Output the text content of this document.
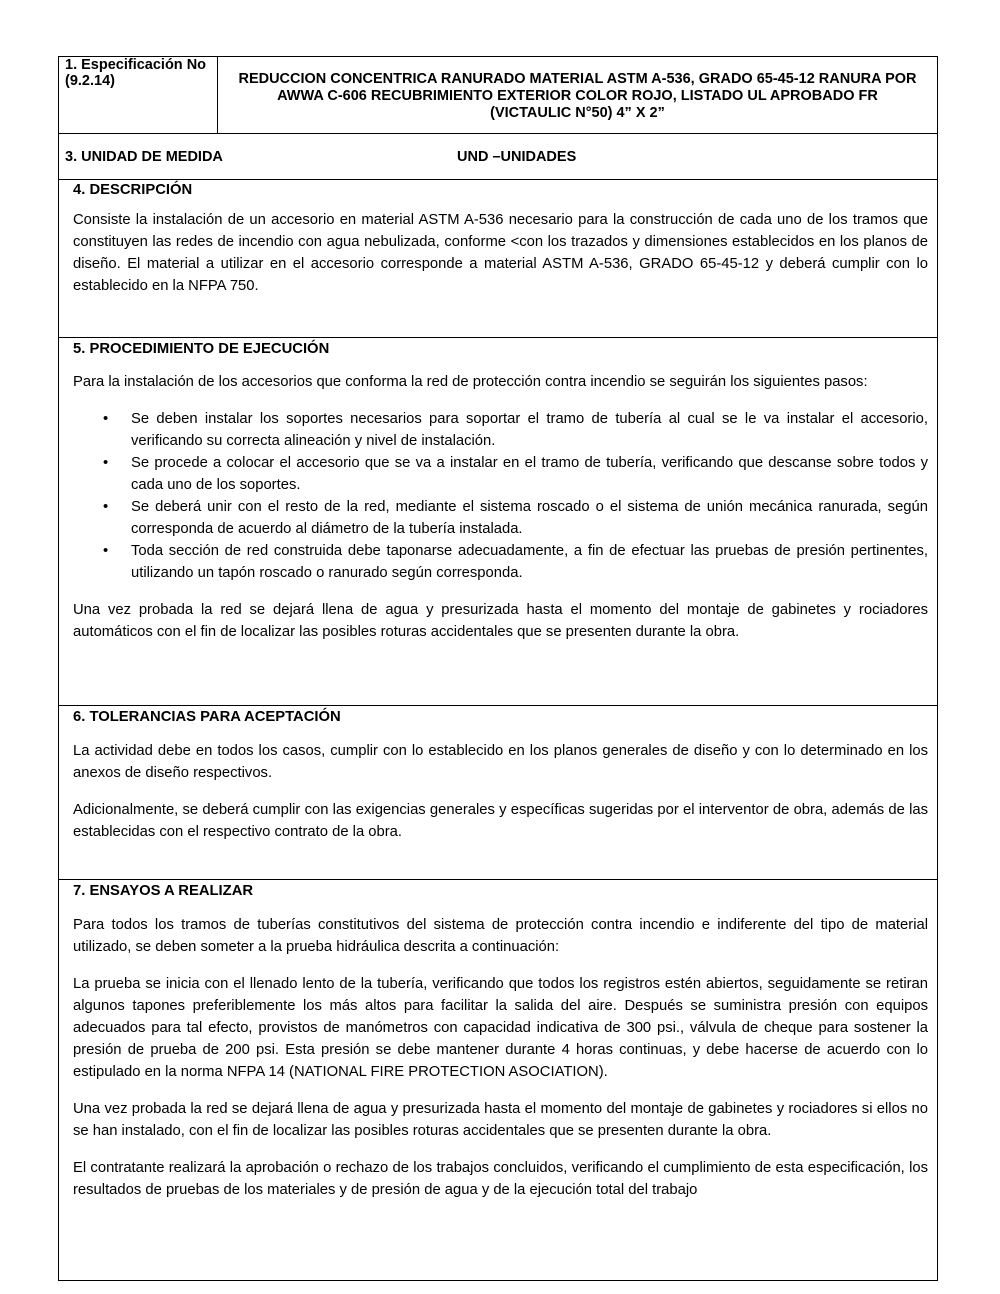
1. Especificación No (9.2.14)	REDUCCION CONCENTRICA RANURADO MATERIAL ASTM A-536, GRADO 65-45-12 RANURA POR AWWA C-606 RECUBRIMIENTO EXTERIOR COLOR ROJO, LISTADO UL APROBADO FR (VICTAULIC N°50) 4” X 2”
3. UNIDAD DE MEDIDA	UND –UNIDADES
4. DESCRIPCIÓN

Consiste la instalación de un accesorio en material ASTM A-536 necesario para la construcción de cada uno de los tramos que constituyen las redes de incendio con agua nebulizada, conforme <con los trazados y dimensiones establecidos en los planos de diseño. El material a utilizar en el accesorio corresponde a material ASTM A-536, GRADO 65-45-12 y deberá cumplir con lo establecido en la NFPA 750.

5. PROCEDIMIENTO DE EJECUCIÓN

Para la instalación de los accesorios que conforma la red de protección contra incendio se seguirán los siguientes pasos:

• Se deben instalar los soportes necesarios para soportar el tramo de tubería al cual se le va instalar el accesorio, verificando su correcta alineación y nivel de instalación.
• Se procede a colocar el accesorio que se va a instalar en el tramo de tubería, verificando que descanse sobre todos y cada uno de los soportes.
• Se deberá unir con el resto de la red, mediante el sistema roscado o el sistema de unión mecánica ranurada, según corresponda de acuerdo al diámetro de la tubería instalada.
• Toda sección de red construida debe taponarse adecuadamente, a fin de efectuar las pruebas de presión pertinentes, utilizando un tapón roscado o ranurado según corresponda.

Una vez probada la red se dejará llena de agua y presurizada hasta el momento del montaje de gabinetes y rociadores automáticos con el fin de localizar las posibles roturas accidentales que se presenten durante la obra.

6. TOLERANCIAS PARA ACEPTACIÓN

La actividad debe en todos los casos, cumplir con lo establecido en los planos generales de diseño y con lo determinado en los anexos de diseño respectivos.

Adicionalmente, se deberá cumplir con las exigencias generales y específicas sugeridas por el interventor de obra, además de las establecidas con el respectivo contrato de la obra.

7. ENSAYOS A REALIZAR

Para todos los tramos de tuberías constitutivos del sistema de protección contra incendio e indiferente del tipo de material utilizado, se deben someter a la prueba hidráulica descrita a continuación:

La prueba se inicia con el llenado lento de la tubería, verificando que todos los registros estén abiertos, seguidamente se retiran algunos tapones preferiblemente los más altos para facilitar la salida del aire. Después se suministra presión con equipos adecuados para tal efecto, provistos de manómetros con capacidad indicativa de 300 psi., válvula de cheque para sostener la presión de prueba de 200 psi. Esta presión se debe mantener durante 4 horas continuas, y debe hacerse de acuerdo con lo estipulado en la norma NFPA 14 (NATIONAL FIRE PROTECTION ASOCIATION).

Una vez probada la red se dejará llena de agua y presurizada hasta el momento del montaje de gabinetes y rociadores si ellos no se han instalado, con el fin de localizar las posibles roturas accidentales que se presenten durante la obra.

El contratante realizará la aprobación o rechazo de los trabajos concluidos, verificando el cumplimiento de esta especificación, los resultados de pruebas de los materiales y de presión de agua y de la ejecución total del trabajo
